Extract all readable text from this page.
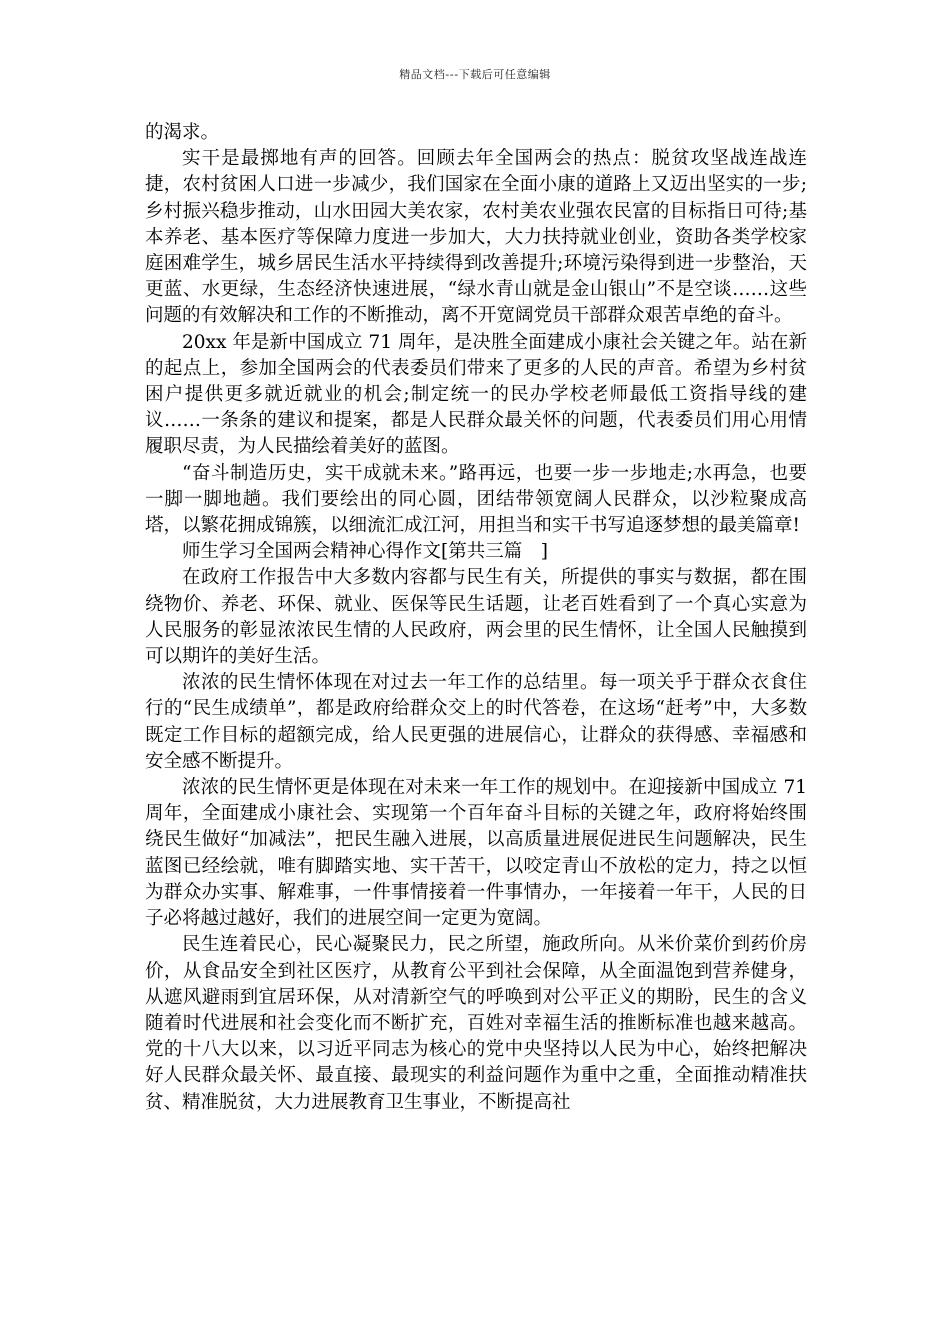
精品文档---下载后可任意编辑

的渴求。

实干是最掷地有声的回答。回顾去年全国两会的热点：脱贫攻坚战连战连捷，农村贫困人口进一步减少，我们国家在全面小康的道路上又迈出坚实的一步;乡村振兴稳步推动，山水田园大美农家，农村美农业强农民富的目标指日可待;基本养老、基本医疗等保障力度进一步加大，大力扶持就业创业，资助各类学校家庭困难学生，城乡居民生活水平持续得到改善提升;环境污染得到进一步整治，天更蓝、水更绿，生态经济快速进展，“绿水青山就是金山银山”不是空谈……这些问题的有效解决和工作的不断推动，离不开宽阔党员干部群众艰苦卓绝的奋斗。

20xx 年是新中国成立 71 周年，是决胜全面建成小康社会关键之年。站在新的起点上，参加全国两会的代表委员们带来了更多的人民的声音。希望为乡村贫困户提供更多就近就业的机会;制定统一的民办学校老师最低工资指导线的建议……一条条的建议和提案，都是人民群众最关怀的问题，代表委员们用心用情履职尽责，为人民描绘着美好的蓝图。

“奋斗制造历史，实干成就未来。”路再远，也要一步一步地走;水再急，也要一脚一脚地趟。我们要绘出的同心圆，团结带领宽阔人民群众，以沙粒聚成高塔，以繁花拥成锦簇，以细流汇成江河，用担当和实干书写追逐梦想的最美篇章!

师生学习全国两会精神心得作文[第共三篇　]

在政府工作报告中大多数内容都与民生有关，所提供的事实与数据，都在围绕物价、养老、环保、就业、医保等民生话题，让老百姓看到了一个真心实意为人民服务的彰显浓浓民生情的人民政府，两会里的民生情怀，让全国人民触摸到可以期许的美好生活。

浓浓的民生情怀体现在对过去一年工作的总结里。每一项关乎于群众衣食住行的“民生成绩单”，都是政府给群众交上的时代答卷，在这场“赶考”中，大多数既定工作目标的超额完成，给人民更强的进展信心，让群众的获得感、幸福感和安全感不断提升。

浓浓的民生情怀更是体现在对未来一年工作的规划中。在迎接新中国成立 71 周年，全面建成小康社会、实现第一个百年奋斗目标的关键之年，政府将始终围绕民生做好“加减法”，把民生融入进展，以高质量进展促进民生问题解决，民生蓝图已经绘就，唯有脚踏实地、实干苦干，以咬定青山不放松的定力，持之以恒为群众办实事、解难事，一件事情接着一件事情办，一年接着一年干，人民的日子必将越过越好，我们的进展空间一定更为宽阔。

民生连着民心，民心凝聚民力，民之所望，施政所向。从米价菜价到药价房价，从食品安全到社区医疗，从教育公平到社会保障，从全面温饱到营养健身，从遮风避雨到宜居环保，从对清新空气的呼唤到对公平正义的期盼，民生的含义随着时代进展和社会变化而不断扩充，百姓对幸福生活的推断标准也越来越高。党的十八大以来，以习近平同志为核心的党中央坚持以人民为中心，始终把解决好人民群众最关怀、最直接、最现实的利益问题作为重中之重，全面推动精准扶贫、精准脱贫，大力进展教育卫生事业，不断提高社
